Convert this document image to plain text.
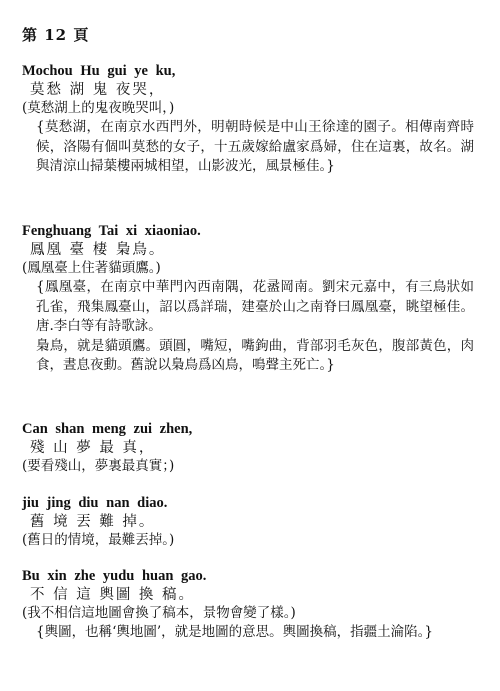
第 12 頁
Mochou Hu gui ye ku,
莫愁 湖 鬼 夜哭，
(莫愁湖上的鬼夜晚哭叫，)

{莫愁湖，在南京水西門外，明朝時候是中山王徐達的園子。相傳南齊時候，洛陽有個叫莫愁的女子，十五歲嫁給盧家爲婦，住在這裏，故名。湖與清涼山掃葉樓兩城相望，山影波光，風景極佳。}

Fenghuang Tai xi xiaoniao.
鳳凰 臺 棲 梟鳥。
(鳳凰臺上住著貓頭鷹。)

{鳳凰臺，在南京中華門內西南隅，花盝岡南。劉宋元嘉中，有三鳥狀如孔雀，飛集鳳臺山，詔以爲詳瑞，建臺於山之南脊曰鳳凰臺，眺望極佳。唐.李白等有詩歌詠。

梟鳥，就是貓頭鷹。頭圓，嘴短，嘴鉤曲，背部羽毛灰色，腹部黃色，肉食，晝息夜動。舊說以梟鳥爲凶鳥，鳴聲主死亡。}

Can shan meng zui zhen,
殘 山 夢 最 真，
(要看殘山，夢裏最真實；)
jiu jing diu nan diao.
舊 境 丟 難 掉。
(舊日的情境，最難丟掉。)
Bu xin zhe yudu huan gao.
不 信 這 輿圖 換 稿。
(我不相信這地圖會換了稿本，景物會變了樣。)

{輿圖，也稱‘輿地圖’，就是地圖的意思。輿圖換稿，指疆土淪陷。}
